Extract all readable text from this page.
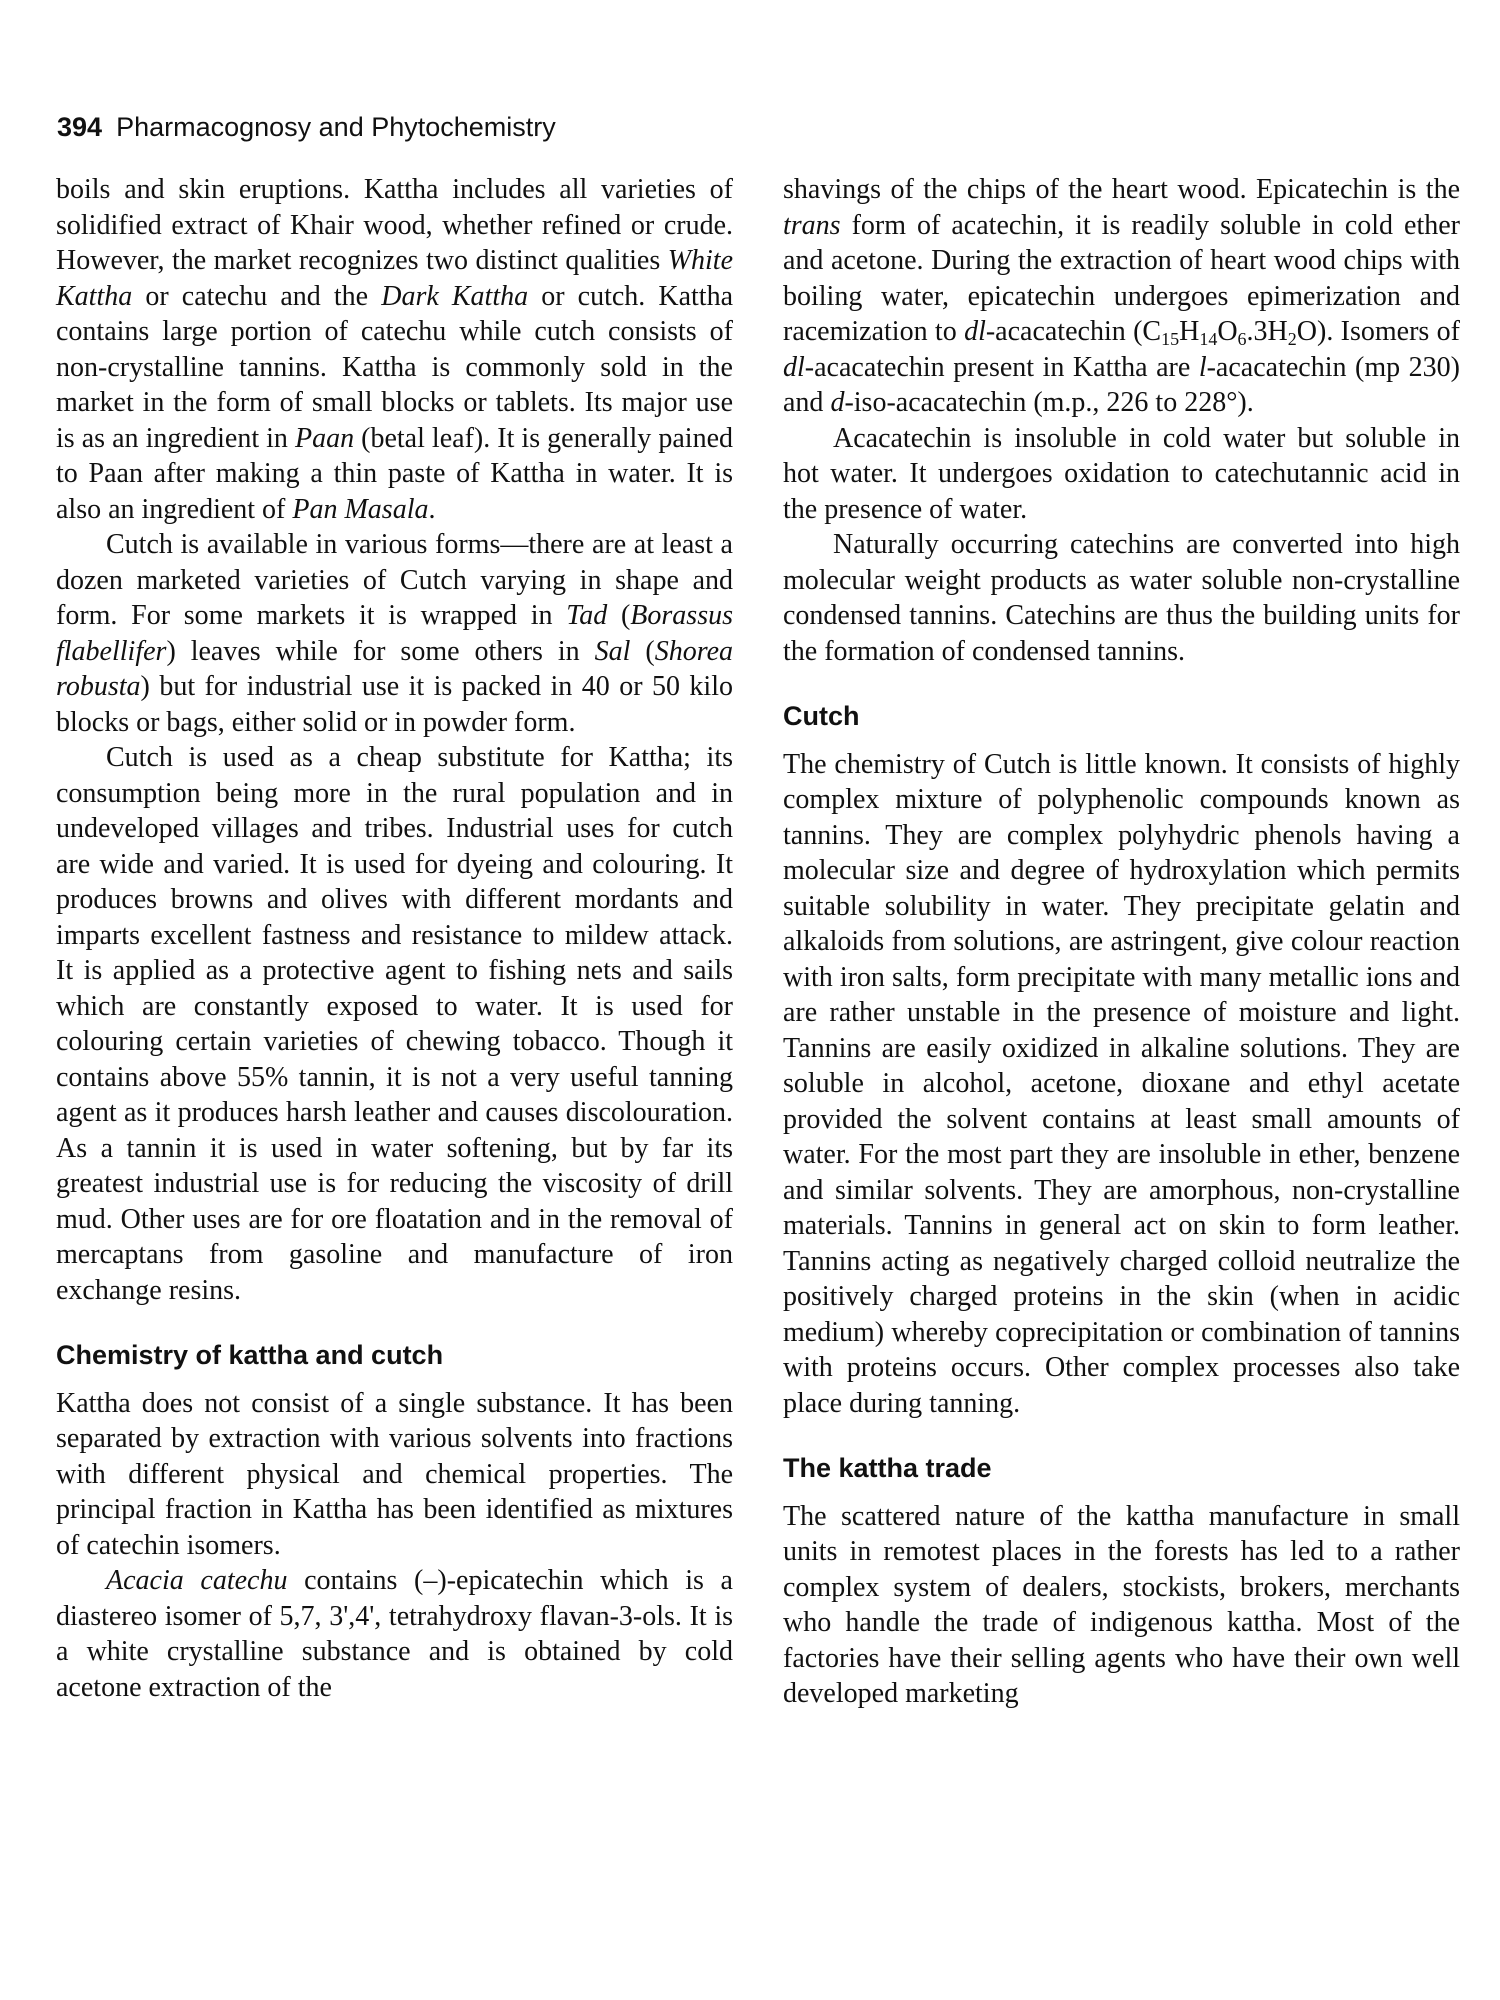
394 Pharmacognosy and Phytochemistry

boils and skin eruptions. Kattha includes all varieties of solidified extract of Khair wood, whether refined or crude. However, the market recognizes two distinct qualities White Kattha or catechu and the Dark Kattha or cutch. Kattha contains large portion of catechu while cutch consists of non-crystalline tannins. Kattha is commonly sold in the market in the form of small blocks or tablets. Its major use is as an ingredient in Paan (betal leaf). It is generally pained to Paan after making a thin paste of Kattha in water. It is also an ingredient of Pan Masala.

Cutch is available in various forms—there are at least a dozen marketed varieties of Cutch varying in shape and form. For some markets it is wrapped in Tad (Borassus flabellifer) leaves while for some others in Sal (Shorea robusta) but for industrial use it is packed in 40 or 50 kilo blocks or bags, either solid or in powder form.

Cutch is used as a cheap substitute for Kattha; its consumption being more in the rural population and in undeveloped villages and tribes. Industrial uses for cutch are wide and varied. It is used for dyeing and colouring. It produces browns and olives with different mordants and imparts excellent fastness and resistance to mildew attack. It is applied as a protective agent to fishing nets and sails which are constantly exposed to water. It is used for colouring certain varieties of chewing tobacco. Though it contains above 55% tannin, it is not a very useful tanning agent as it produces harsh leather and causes discolouration. As a tannin it is used in water softening, but by far its greatest industrial use is for reducing the viscosity of drill mud. Other uses are for ore floatation and in the removal of mercaptans from gasoline and manufacture of iron exchange resins.

Chemistry of kattha and cutch

Kattha does not consist of a single substance. It has been separated by extraction with various solvents into fractions with different physical and chemical properties. The principal fraction in Kattha has been identified as mixtures of catechin isomers.

Acacia catechu contains (–)-epicatechin which is a diastereo isomer of 5,7, 3',4', tetrahydroxy flavan-3-ols. It is a white crystalline substance and is obtained by cold acetone extraction of the

shavings of the chips of the heart wood. Epicatechin is the trans form of acatechin, it is readily soluble in cold ether and acetone. During the extraction of heart wood chips with boiling water, epicatechin undergoes epimerization and racemization to dl-acacatechin $(C_{15}H_{14}O_6.3H_2O)$. Isomers of dl-acacatechin present in Kattha are l-acacatechin (mp 230) and d-iso-acacatechin (m.p., 226 to 228°).

Acacatechin is insoluble in cold water but soluble in hot water. It undergoes oxidation to catechutannic acid in the presence of water.

Naturally occurring catechins are converted into high molecular weight products as water soluble non-crystalline condensed tannins. Catechins are thus the building units for the formation of condensed tannins.

Cutch

The chemistry of Cutch is little known. It consists of highly complex mixture of polyphenolic compounds known as tannins. They are complex polyhydric phenols having a molecular size and degree of hydroxylation which permits suitable solubility in water. They precipitate gelatin and alkaloids from solutions, are astringent, give colour reaction with iron salts, form precipitate with many metallic ions and are rather unstable in the presence of moisture and light. Tannins are easily oxidized in alkaline solutions. They are soluble in alcohol, acetone, dioxane and ethyl acetate provided the solvent contains at least small amounts of water. For the most part they are insoluble in ether, benzene and similar solvents. They are amorphous, non-crystalline materials. Tannins in general act on skin to form leather. Tannins acting as negatively charged colloid neutralize the positively charged proteins in the skin (when in acidic medium) whereby coprecipitation or combination of tannins with proteins occurs. Other complex processes also take place during tanning.

The kattha trade

The scattered nature of the kattha manufacture in small units in remotest places in the forests has led to a rather complex system of dealers, stockists, brokers, merchants who handle the trade of indigenous kattha. Most of the factories have their selling agents who have their own well developed marketing
